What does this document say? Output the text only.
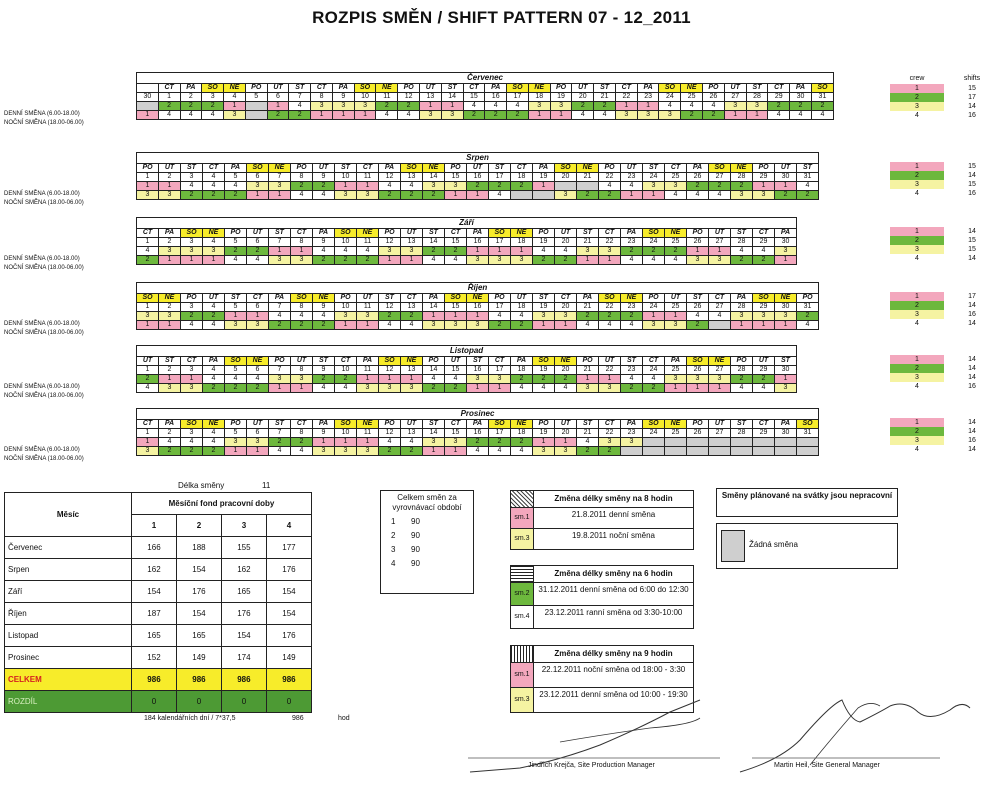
ROZPIS SMĚN / SHIFT PATTERN 07 - 12_2011
DENNÍ SMĚNA (6.00-18.00)
NOČNÍ SMĚNA (18.00-06.00)
Červenec																															
	CT	PA	SO	NE	PO	UT	ST	CT	PA	SO	NE	PO	UT	ST	CT	PA	SO	NE	PO	UT	ST	CT	PA	SO	NE	PO	UT	ST	CT	PA	SO
30	1	2	3	4	5	6	7	8	9	10	11	12	13	14	15	16	17	18	19	20	21	22	23	24	25	26	27	28	29	30	31
	2	2	2	1		1	4	3	3	3	2	2	1	1	4	4	4	3	3	2	2	1	1	4	4	4	3	3	2	2	2
1	4	4	4	3		2	2	1	1	1	4	4	3	3	2	2	2	1	1	4	4	3	3	3	2	2	1	1	4	4	4
crew	shifts
1	15
2	17
3	14
4	16
DENNÍ SMĚNA (6.00-18.00)
NOČNÍ SMĚNA (18.00-06.00)
Srpen																														
PO	UT	ST	CT	PA	SO	NE	PO	UT	ST	CT	PA	SO	NE	PO	UT	ST	CT	PA	SO	NE	PO	UT	ST	CT	PA	SO	NE	PO	UT	ST
1	2	3	4	5	6	7	8	9	10	11	12	13	14	15	16	17	18	19	20	21	22	23	24	25	26	27	28	29	30	31
1	1	4	4	4	3	3	2	2	1	1	4	4	3	3	2	2	2	1			4	4	3	3	2	2	2	1	1	4
3	3	2	2	2	1	1	4	4	3	3	2	2	2	1	1	4			3	2	2	1	1	4	4	4	3	3	2	2
1	15
2	14
3	15
4	16
DENNÍ SMĚNA (6.00-18.00)
NOČNÍ SMĚNA (18.00-06.00)
Září																													
CT	PA	SO	NE	PO	UT	ST	CT	PA	SO	NE	PO	UT	ST	CT	PA	SO	NE	PO	UT	ST	CT	PA	SO	NE	PO	UT	ST	CT	PA
1	2	3	4	5	6	7	8	9	10	11	12	13	14	15	16	17	18	19	20	21	22	23	24	25	26	27	28	29	30
4	3	3	3	2	2	1	1	4	4	4	3	3	2	2	1	1	1	4	4	3	3	2	2	2	1	1	4	4	3
2	1	1	1	4	4	3	3	2	2	2	1	1	4	4	3	3	3	2	2	1	1	4	4	4	3	3	2	2	1
1	14
2	15
3	15
4	14
DENNÍ SMĚNA (6.00-18.00)
NOČNÍ SMĚNA (18.00-06.00)
Říjen																														
SO	NE	PO	UT	ST	CT	PA	SO	NE	PO	UT	ST	CT	PA	SO	NE	PO	UT	ST	CT	PA	SO	NE	PO	UT	ST	CT	PA	SO	NE	PO
1	2	3	4	5	6	7	8	9	10	11	12	13	14	15	16	17	18	19	20	21	22	23	24	25	26	27	28	29	30	31
3	3	2	2	1	1	4	4	4	3	3	2	2	1	1	1	4	4	3	3	2	2	2	1	1	4	4	3	3	3	2
1	1	4	4	3	3	2	2	2	1	1	4	4	3	3	3	2	2	1	1	4	4	4	3	3	2		1	1	1	4
1	17
2	14
3	16
4	14
DENNÍ SMĚNA (6.00-18.00)
NOČNÍ SMĚNA (18.00-06.00)
Listopad																													
UT	ST	CT	PA	SO	NE	PO	UT	ST	CT	PA	SO	NE	PO	UT	ST	CT	PA	SO	NE	PO	UT	ST	CT	PA	SO	NE	PO	UT	ST
1	2	3	4	5	6	7	8	9	10	11	12	13	14	15	16	17	18	19	20	21	22	23	24	25	26	27	28	29	30
2	1	1	4	4	4	3	3	2	2	1	1	1	4	4	3	3	2	2	2	1	1	4	4	3	3	3	2	2	1
4	3	3	2	2	2	1	1	4	4	3	3	3	2	2	1	1	4	4	4	3	3	2	2	1	1	1	4	4	3
1	14
2	14
3	14
4	16
DENNÍ SMĚNA (6.00-18.00)
NOČNÍ SMĚNA (18.00-06.00)
Prosinec																														
CT	PA	SO	NE	PO	UT	ST	CT	PA	SO	NE	PO	UT	ST	CT	PA	SO	NE	PO	UT	ST	CT	PA	SO	NE	PO	UT	ST	CT	PA	SO
1	2	3	4	5	6	7	8	9	10	11	12	13	14	15	16	17	18	19	20	21	22	23	24	25	26	27	28	29	30	31
1	4	4	4	3	3	2	2	1	1	1	4	4	3	3	2	2	2	1	1	4	3	3								
3	2	2	2	1	1	4	4	3	3	3	2	2	1	1	4	4	4	3	3	2	2									
1	14
2	14
3	16
4	14
Délka směny	11
Měsíc	Měsíční fond pracovní doby			
	1	2	3	4
Červenec	166	188	155	177
Srpen	162	154	162	176
Září	154	176	165	154
Říjen	187	154	176	154
Listopad	165	165	154	176
Prosinec	152	149	174	149
CELKEM	986	986	986	986
ROZDÍL	0	0	0	0
184 kalendářních dní / 7*37,5	986	hod
Celkem směn za vyrovnávací období
1	90
2	90
3	90
4	90
Změna délky směny na 8 hodin
sm.1	21.8.2011 denní směna
sm.3	19.8.2011 noční směna
Změna délky směny na 6 hodin
sm.2	31.12.2011 denní směna od 6:00 do 12:30
sm.4	23.12.2011 ranní směna od 3:30-10:00
Změna délky směny na 9 hodin
sm.1
22.12.2011 noční směna od 18:00 - 3:30
sm.3
23.12.2011 denní směna od 10:00 - 19:30
Směny plánované na svátky jsou nepracovní
Žádná směna
Jindřich Krejča, Site Production Manager	Martin Heil, Site General Manager
